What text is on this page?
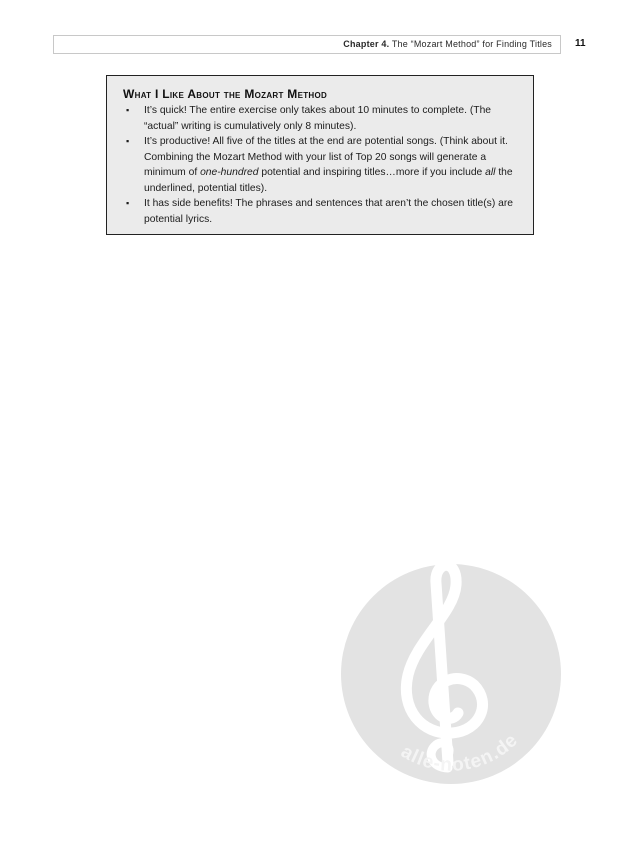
Chapter 4. The “Mozart Method” for Finding Titles 11
What I Like About the Mozart Method
▪ It’s quick! The entire exercise only takes about 10 minutes to complete. (The “actual” writing is cumulatively only 8 minutes).
▪ It’s productive! All five of the titles at the end are potential songs. (Think about it. Combining the Mozart Method with your list of Top 20 songs will generate a minimum of one-hundred potential and inspiring titles…more if you include all the underlined, potential titles).
▪ It has side benefits! The phrases and sentences that aren’t the chosen title(s) are potential lyrics.
alle-noten.de
